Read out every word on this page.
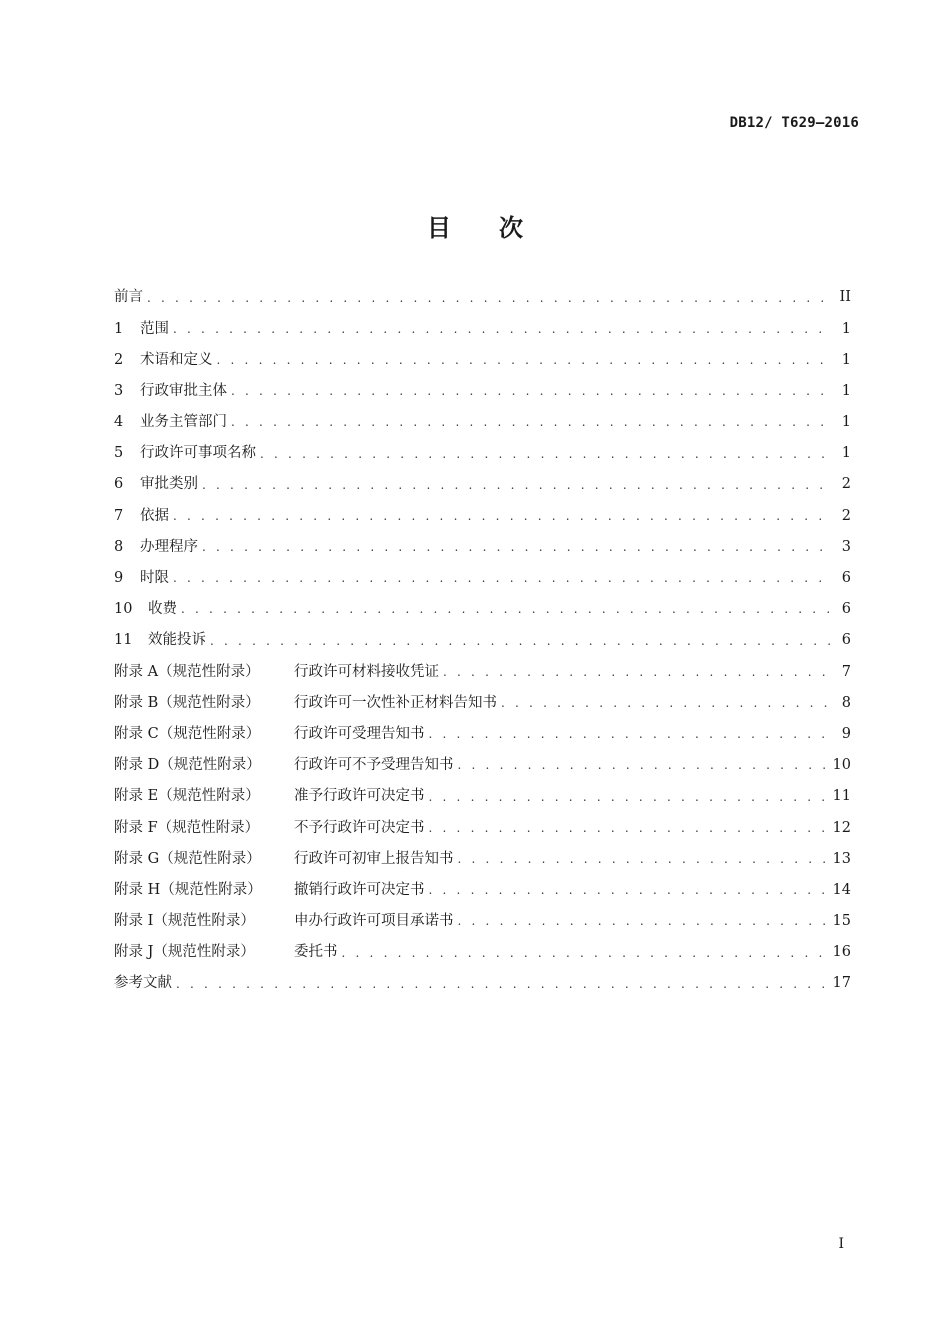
DB12/ T629—2016
目 次
前言 . . .	II
1 范围 . . .	1
2 术语和定义 . . .	1
3 行政审批主体 . . .	1
4 业务主管部门 . . .	1
5 行政许可事项名称 . . .	1
6 审批类别 . . .	2
7 依据 . . .	2
8 办理程序 . . .	3
9 时限 . . .	6
10 收费 . . .	6
11 效能投诉 . . .	6
附录 A（规范性附录） 行政许可材料接收凭证 . . .	7
附录 B（规范性附录） 行政许可一次性补正材料告知书 . . .	8
附录 C（规范性附录） 行政许可受理告知书 . . .	9
附录 D（规范性附录） 行政许可不予受理告知书 . . .	10
附录 E（规范性附录） 准予行政许可决定书 . . .	11
附录 F（规范性附录） 不予行政许可决定书 . . .	12
附录 G（规范性附录） 行政许可初审上报告知书 . . .	13
附录 H（规范性附录） 撤销行政许可决定书 . . .	14
附录 I（规范性附录）	申办行政许可项目承诺书 . . .	15
附录 J（规范性附录）	委托书 . . .	16
参考文献 . . .	17
I
